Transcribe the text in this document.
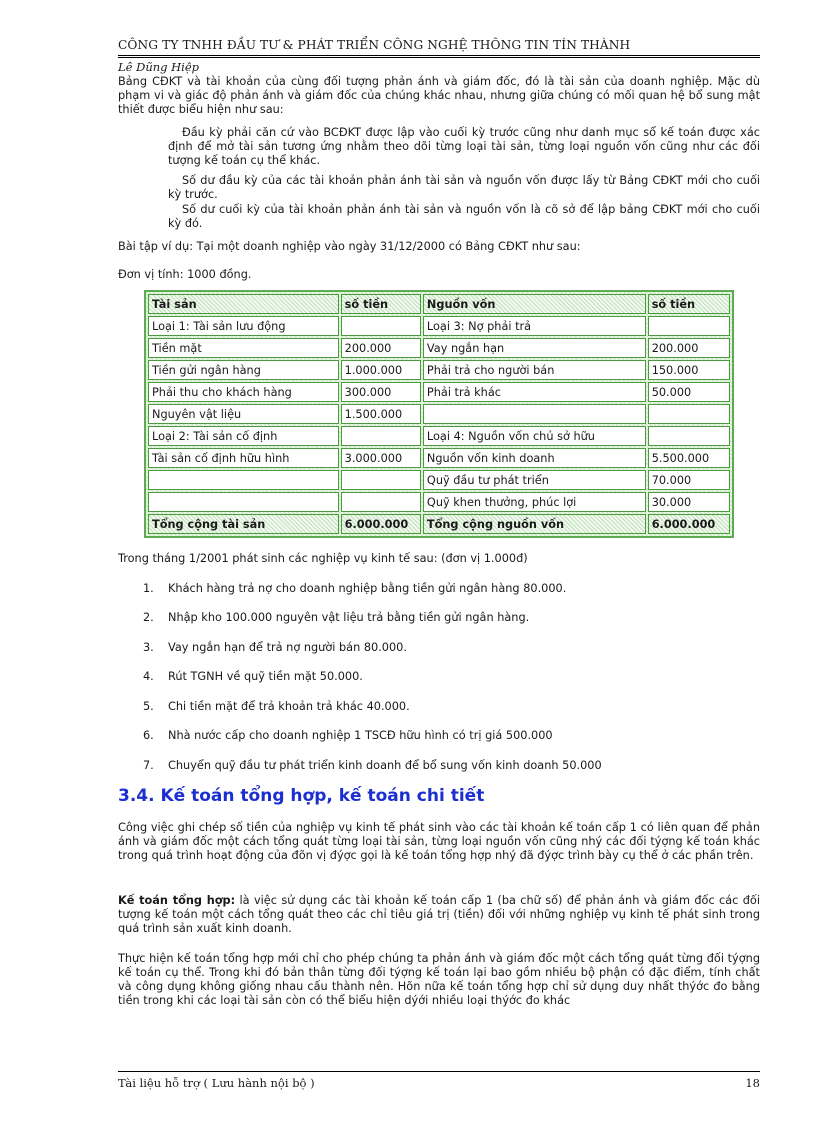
CÔNG TY TNHH ĐẦU TƯ & PHÁT TRIỂN CÔNG NGHỆ THÔNG TIN TÍN THÀNH
Lê Dũng Hiệp
Bảng CĐKT và tài khoản của cùng đối tượng phản ánh và giám đốc, đó là tài sản của doanh nghiệp. Mặc dù phạm vi và giác độ phản ánh và giám đốc của chúng khác nhau, nhưng giữa chúng có mối quan hệ bổ sung mật thiết được biểu hiện như sau:
Đầu kỳ phải căn cứ vào BCĐKT được lập vào cuối kỳ trước cũng như danh mục sổ kế toán được xác định để mở tài sản tương ứng nhằm theo dõi từng loại tài sản, từng loại nguồn vốn cũng như các đối tượng kế toán cụ thể khác.
Số dư đầu kỳ của các tài khoản phản ánh tài sản và nguồn vốn được lấy từ Bảng CĐKT mới cho cuối kỳ trước.
Số dư cuối kỳ của tài khoản phản ánh tài sản và nguồn vốn là cõ sở để lập bảng CĐKT mới cho cuối kỳ đó.
Bài tập ví dụ: Tại một doanh nghiệp vào ngày 31/12/2000 có Bảng CĐKT như sau:
Đơn vị tính: 1000 đồng.
Tài sản	số tiền	Nguồn vốn	số tiền
Loại 1: Tài sản lưu động		Loại 3: Nợ phải trả	
Tiền mặt	200.000	Vay ngắn hạn	200.000
Tiền gửi ngân hàng	1.000.000	Phải trả cho người bán	150.000
Phải thu cho khách hàng	300.000	Phải trả khác	50.000
Nguyên vật liệu	1.500.000		
Loại 2: Tài sản cố định		Loại 4: Nguồn vốn chủ sở hữu	
Tài sản cố định hữu hình	3.000.000	Nguồn vốn kinh doanh	5.500.000
		Quỹ đầu tư phát triển	70.000
		Quỹ khen thưởng, phúc lợi	30.000
Tổng cộng tài sản	6.000.000	Tổng cộng nguồn vốn	6.000.000
Trong tháng 1/2001 phát sinh các nghiệp vụ kinh tế sau: (đơn vị 1.000đ)
1. Khách hàng trả nợ cho doanh nghiệp bằng tiền gửi ngân hàng 80.000.
2. Nhập kho 100.000 nguyên vật liệu trả bằng tiền gửi ngân hàng.
3. Vay ngắn hạn để trả nợ người bán 80.000.
4. Rút TGNH về quỹ tiền mặt 50.000.
5. Chi tiền mặt để trả khoản trả khác 40.000.
6. Nhà nước cấp cho doanh nghiệp 1 TSCĐ hữu hình có trị giá 500.000
7. Chuyển quỹ đầu tư phát triển kinh doanh để bổ sung vốn kinh doanh 50.000
3.4. Kế toán tổng hợp, kế toán chi tiết
Công việc ghi chép số tiền của nghiệp vụ kinh tế phát sinh vào các tài khoản kế toán cấp 1 có liên quan để phản ánh và giám đốc một cách tổng quát từng loại tài sản, từng loại nguồn vốn cũng nhý các đối týợng kế toán khác trong quá trình hoạt động của đõn vị đýợc gọi là kế toán tổng hợp nhý đã đýợc trình bày cụ thể ở các phần trên.
Kế toán tổng hợp: là việc sử dụng các tài khoản kế toán cấp 1 (ba chữ số) để phản ánh và giám đốc các đối tượng kế toán một cách tổng quát theo các chỉ tiêu giá trị (tiền) đối với những nghiệp vụ kinh tế phát sinh trong quá trình sản xuất kinh doanh.
Thực hiện kế toán tổng hợp mới chỉ cho phép chúng ta phản ánh và giám đốc một cách tổng quát từng đối týợng kế toán cụ thể. Trong khi đó bản thân từng đối týợng kế toán lại bao gồm nhiều bộ phận có đặc điểm, tính chất và công dụng không giống nhau cấu thành nên. Hõn nữa kế toán tổng hợp chỉ sử dụng duy nhất thýớc đo bằng tiền trong khi các loại tài sản còn có thể biểu hiện dýới nhiều loại thýớc đo khác
Tài liệu hỗ trợ ( Lưu hành nội bộ )	18
